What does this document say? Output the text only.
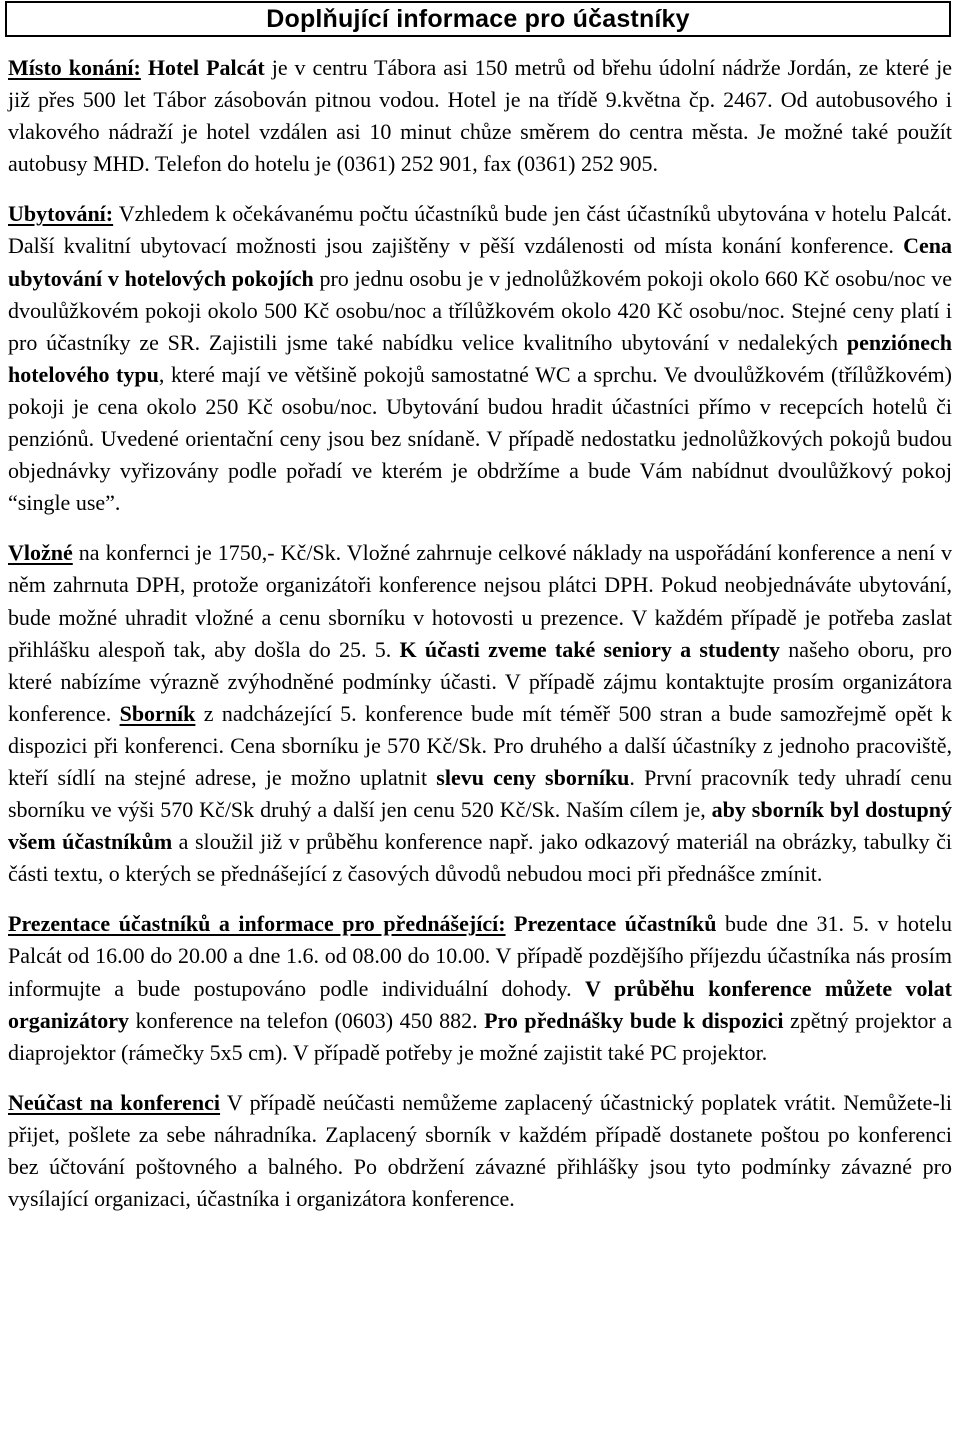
Doplňující informace pro účastníky

Místo konání: Hotel Palcát je v centru Tábora asi 150 metrů od břehu údolní nádrže Jordán, ze které je již přes 500 let Tábor zásobován pitnou vodou. Hotel je na třídě 9.května čp. 2467. Od autobusového i vlakového nádraží je hotel vzdálen asi 10 minut chůze směrem do centra města. Je možné také použít autobusy MHD. Telefon do hotelu je (0361) 252 901, fax (0361) 252 905.

Ubytování: Vzhledem k očekávanému počtu účastníků bude jen část účastníků ubytována v hotelu Palcát. Další kvalitní ubytovací možnosti jsou zajištěny v pěší vzdálenosti od místa konání konference. Cena ubytování v hotelových pokojích pro jednu osobu je v jednolůžkovém pokoji okolo 660 Kč osobu/noc ve dvoulůžkovém pokoji okolo 500 Kč osobu/noc a třílůžkovém okolo 420 Kč osobu/noc. Stejné ceny platí i pro účastníky ze SR. Zajistili jsme také nabídku velice kvalitního ubytování v nedalekých penziónech hotelového typu, které mají ve většině pokojů samostatné WC a sprchu. Ve dvoulůžkovém (třílůžkovém) pokoji je cena okolo 250 Kč osobu/noc. Ubytování budou hradit účastníci přímo v recepcích hotelů či penziónů. Uvedené orientační ceny jsou bez snídaně. V případě nedostatku jednolůžkových pokojů budou objednávky vyřizovány podle pořadí ve kterém je obdržíme a bude Vám nabídnut dvoulůžkový pokoj “single use”.

Vložné na konfernci je 1750,- Kč/Sk. Vložné zahrnuje celkové náklady na uspořádání konference a není v něm zahrnuta DPH, protože organizátoři konference nejsou plátci DPH. Pokud neobjednáváte ubytování, bude možné uhradit vložné a cenu sborníku v hotovosti u prezence. V každém případě je potřeba zaslat přihlášku alespoň tak, aby došla do 25. 5. K účasti zveme také seniory a studenty našeho oboru, pro které nabízíme výrazně zvýhodněné podmínky účasti. V případě zájmu kontaktujte prosím organizátora konference. Sborník z nadcházející 5. konference bude mít téměř 500 stran a bude samozřejmě opět k dispozici při konferenci. Cena sborníku je 570 Kč/Sk. Pro druhého a další účastníky z jednoho pracoviště, kteří sídlí na stejné adrese, je možno uplatnit slevu ceny sborníku. První pracovník tedy uhradí cenu sborníku ve výši 570 Kč/Sk druhý a další jen cenu 520 Kč/Sk. Naším cílem je, aby sborník byl dostupný všem účastníkům a sloužil již v průběhu konference např. jako odkazový materiál na obrázky, tabulky či části textu, o kterých se přednášející z časových důvodů nebudou moci při přednášce zmínit.

Prezentace účastníků a informace pro přednášející: Prezentace účastníků bude dne 31. 5. v hotelu Palcát od 16.00 do 20.00 a dne 1.6. od 08.00 do 10.00. V případě pozdějšího příjezdu účastníka nás prosím informujte a bude postupováno podle individuální dohody. V průběhu konference můžete volat organizátory konference na telefon (0603) 450 882. Pro přednášky bude k dispozici zpětný projektor a diaprojektor (rámečky 5x5 cm). V případě potřeby je možné zajistit také PC projektor.

Neúčast na konferenci V případě neúčasti nemůžeme zaplacený účastnický poplatek vrátit. Nemůžete-li přijet, pošlete za sebe náhradníka. Zaplacený sborník v každém případě dostanete poštou po konferenci bez účtování poštovného a balného. Po obdržení závazné přihlášky jsou tyto podmínky závazné pro vysílající organizaci, účastníka i organizátora konference.
